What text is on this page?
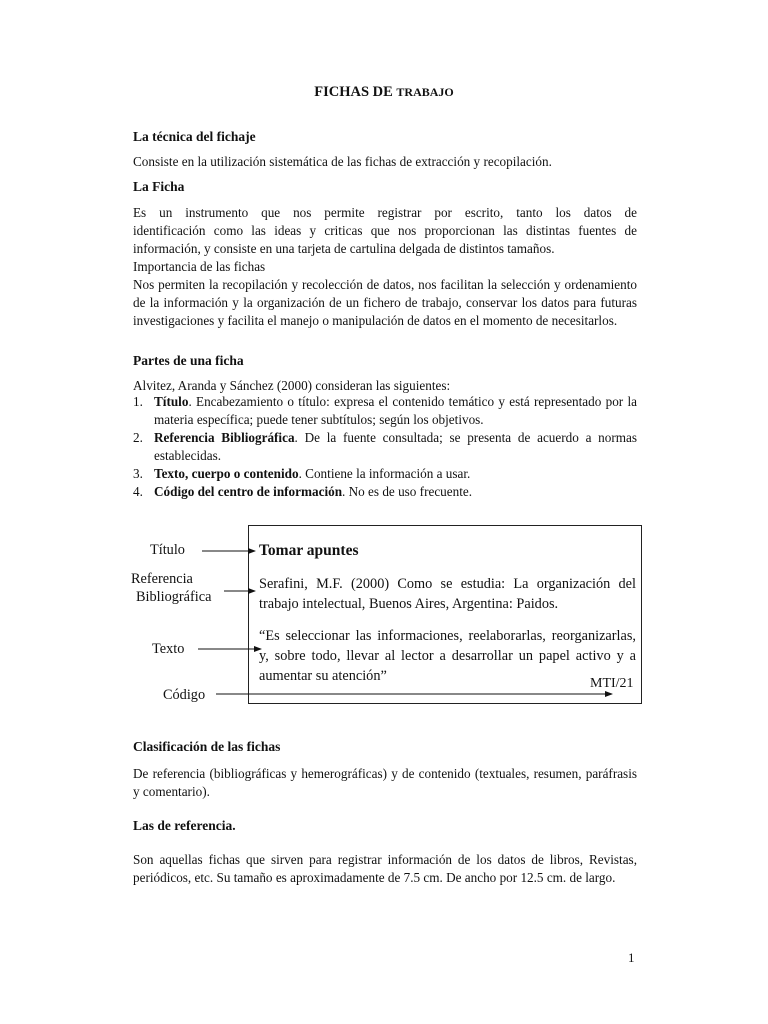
FICHAS DE TRABAJO
La técnica del fichaje
Consiste en la utilización sistemática de las fichas de extracción y recopilación.
La Ficha
Es un instrumento que nos permite registrar por escrito, tanto los datos de
identificación como las ideas y criticas que nos proporcionan las distintas fuentes de
información, y consiste en una tarjeta de cartulina delgada de distintos tamaños.
Importancia de las fichas
Nos permiten la recopilación y recolección de datos, nos facilitan la selección y ordenamiento de la información y la organización de un fichero de trabajo, conservar los datos para futuras investigaciones y facilita el manejo o manipulación de datos en el momento de necesitarlos.
Partes de una ficha
Alvitez, Aranda y Sánchez (2000) consideran las siguientes:
1. Título. Encabezamiento o título: expresa el contenido temático y está representado por la materia específica; puede tener subtítulos; según los objetivos.
2. Referencia Bibliográfica. De la fuente consultada; se presenta de acuerdo a normas establecidas.
3. Texto, cuerpo o contenido. Contiene la información a usar.
4. Código del centro de información. No es de uso frecuente.
Título
Referencia
Bibliográfica
Texto
Código
Tomar apuntes
Serafini, M.F. (2000) Como se estudia: La organización del trabajo intelectual, Buenos Aires, Argentina: Paidos.
“Es seleccionar las informaciones, reelaborarlas, reorganizarlas, y, sobre todo, llevar al lector a desarrollar un papel activo y a aumentar su atención”	MTI/21
Clasificación de las fichas
De referencia (bibliográficas y hemerográficas) y de contenido (textuales, resumen, paráfrasis y comentario).
Las de referencia.
Son aquellas fichas que sirven para registrar información de los datos de libros, Revistas, periódicos, etc. Su tamaño es aproximadamente de 7.5 cm. De ancho por 12.5 cm. de largo.
1
